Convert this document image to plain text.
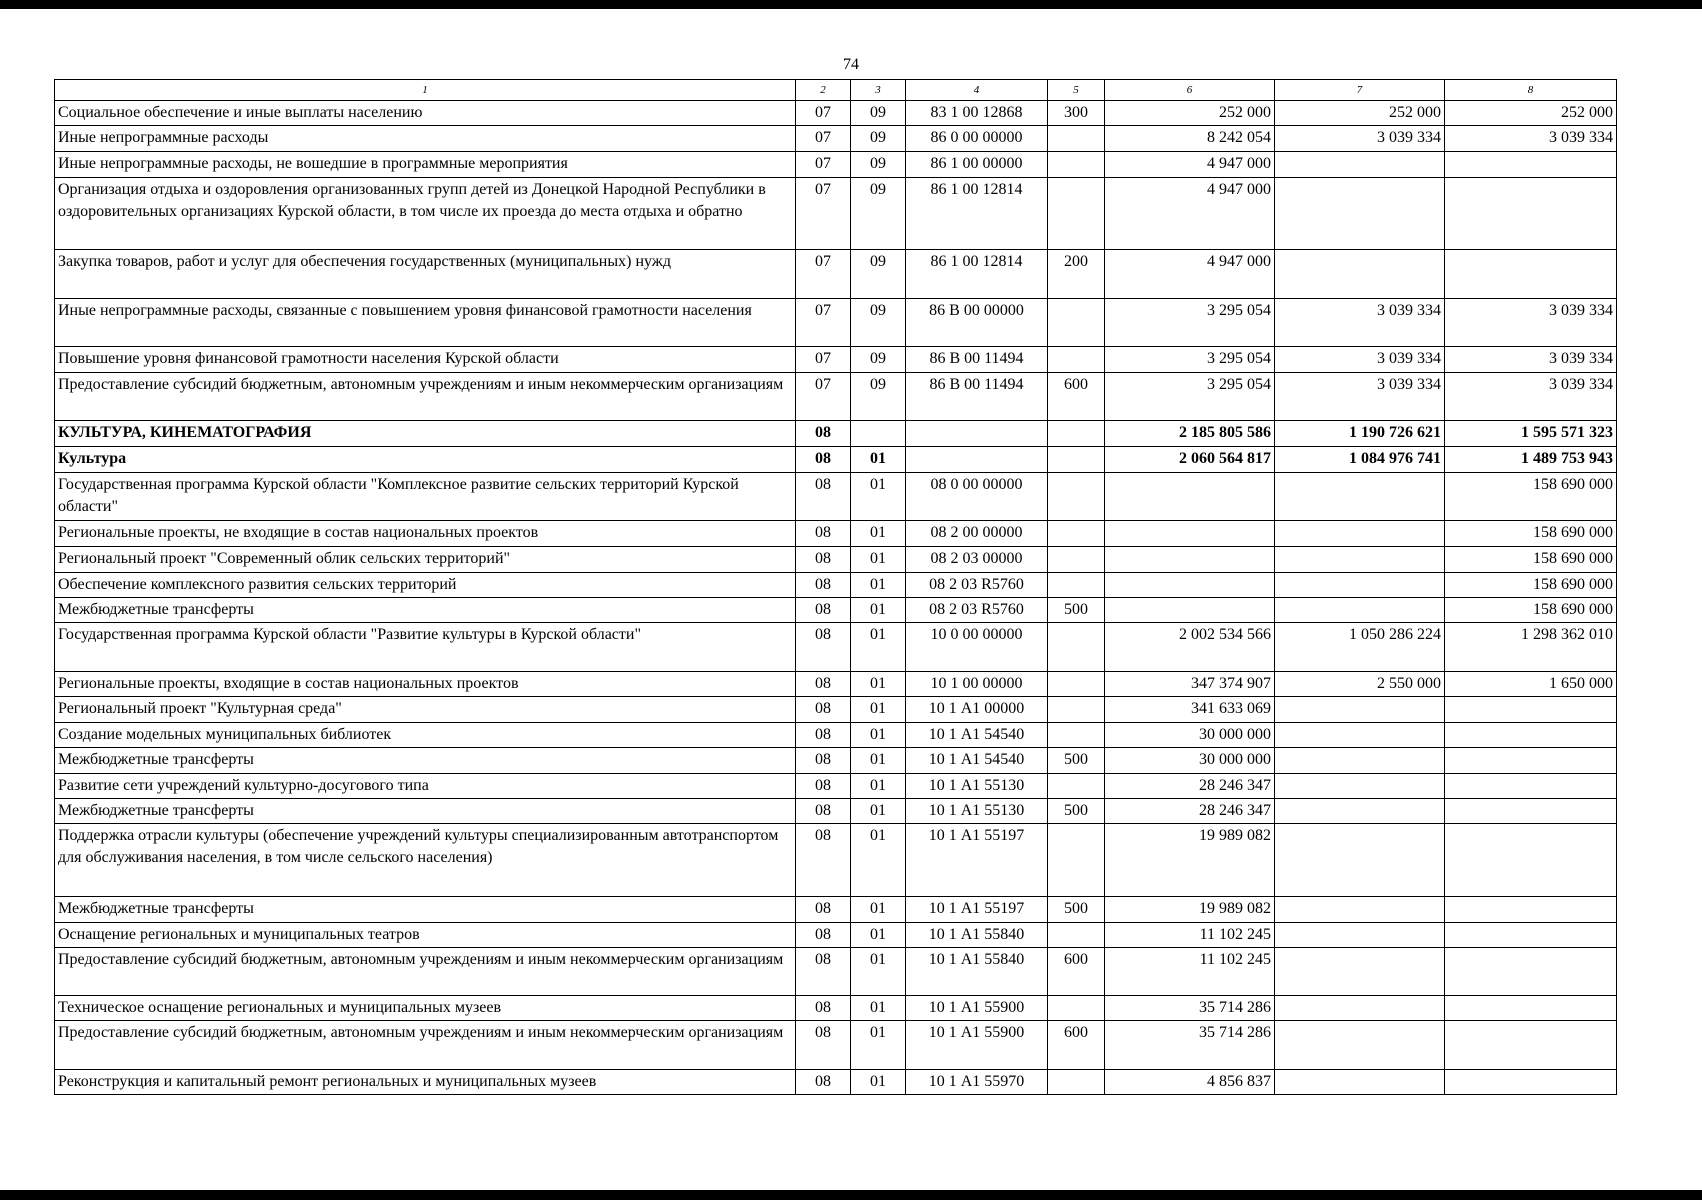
74
1	2	3	4	5	6	7	8
Социальное обеспечение и иные выплаты населению	07	09	83 1 00 12868	300	252 000	252 000	252 000
Иные непрограммные расходы	07	09	86 0 00 00000		8 242 054	3 039 334	3 039 334
Иные непрограммные расходы, не вошедшие в программные мероприятия	07	09	86 1 00 00000		4 947 000		
Организация отдыха и оздоровления организованных групп детей из Донецкой Народной Республики в оздоровительных организациях Курской области, в том числе их проезда до места отдыха и обратно	07	09	86 1 00 12814		4 947 000		
Закупка товаров, работ и услуг для обеспечения государственных (муниципальных) нужд	07	09	86 1 00 12814	200	4 947 000		
Иные непрограммные расходы, связанные с повышением уровня финансовой грамотности населения	07	09	86 В 00 00000		3 295 054	3 039 334	3 039 334
Повышение уровня финансовой грамотности населения Курской области	07	09	86 В 00 11494		3 295 054	3 039 334	3 039 334
Предоставление субсидий бюджетным, автономным учреждениям и иным некоммерческим организациям	07	09	86 В 00 11494	600	3 295 054	3 039 334	3 039 334
КУЛЬТУРА, КИНЕМАТОГРАФИЯ	08				2 185 805 586	1 190 726 621	1 595 571 323
Культура	08	01			2 060 564 817	1 084 976 741	1 489 753 943
Государственная программа Курской области "Комплексное развитие сельских территорий Курской области"	08	01	08 0 00 00000				158 690 000
Региональные проекты, не входящие в состав национальных проектов	08	01	08 2 00 00000				158 690 000
Региональный проект "Современный облик сельских территорий"	08	01	08 2 03 00000				158 690 000
Обеспечение комплексного развития сельских территорий	08	01	08 2 03 R5760				158 690 000
Межбюджетные трансферты	08	01	08 2 03 R5760	500			158 690 000
Государственная программа Курской области "Развитие культуры в Курской области"	08	01	10 0 00 00000		2 002 534 566	1 050 286 224	1 298 362 010
Региональные проекты, входящие в состав национальных проектов	08	01	10 1 00 00000		347 374 907	2 550 000	1 650 000
Региональный проект "Культурная среда"	08	01	10 1 А1 00000		341 633 069		
Создание модельных муниципальных библиотек	08	01	10 1 А1 54540		30 000 000		
Межбюджетные трансферты	08	01	10 1 А1 54540	500	30 000 000		
Развитие сети учреждений культурно-досугового типа	08	01	10 1 А1 55130		28 246 347		
Межбюджетные трансферты	08	01	10 1 А1 55130	500	28 246 347		
Поддержка отрасли культуры (обеспечение учреждений культуры специализированным автотранспортом для обслуживания населения, в том числе сельского населения)	08	01	10 1 А1 55197		19 989 082		
Межбюджетные трансферты	08	01	10 1 А1 55197	500	19 989 082		
Оснащение региональных и муниципальных театров	08	01	10 1 А1 55840		11 102 245		
Предоставление субсидий бюджетным, автономным учреждениям и иным некоммерческим организациям	08	01	10 1 А1 55840	600	11 102 245		
Техническое оснащение региональных и муниципальных музеев	08	01	10 1 А1 55900		35 714 286		
Предоставление субсидий бюджетным, автономным учреждениям и иным некоммерческим организациям	08	01	10 1 А1 55900	600	35 714 286		
Реконструкция и капитальный ремонт региональных и муниципальных музеев	08	01	10 1 А1 55970		4 856 837		
